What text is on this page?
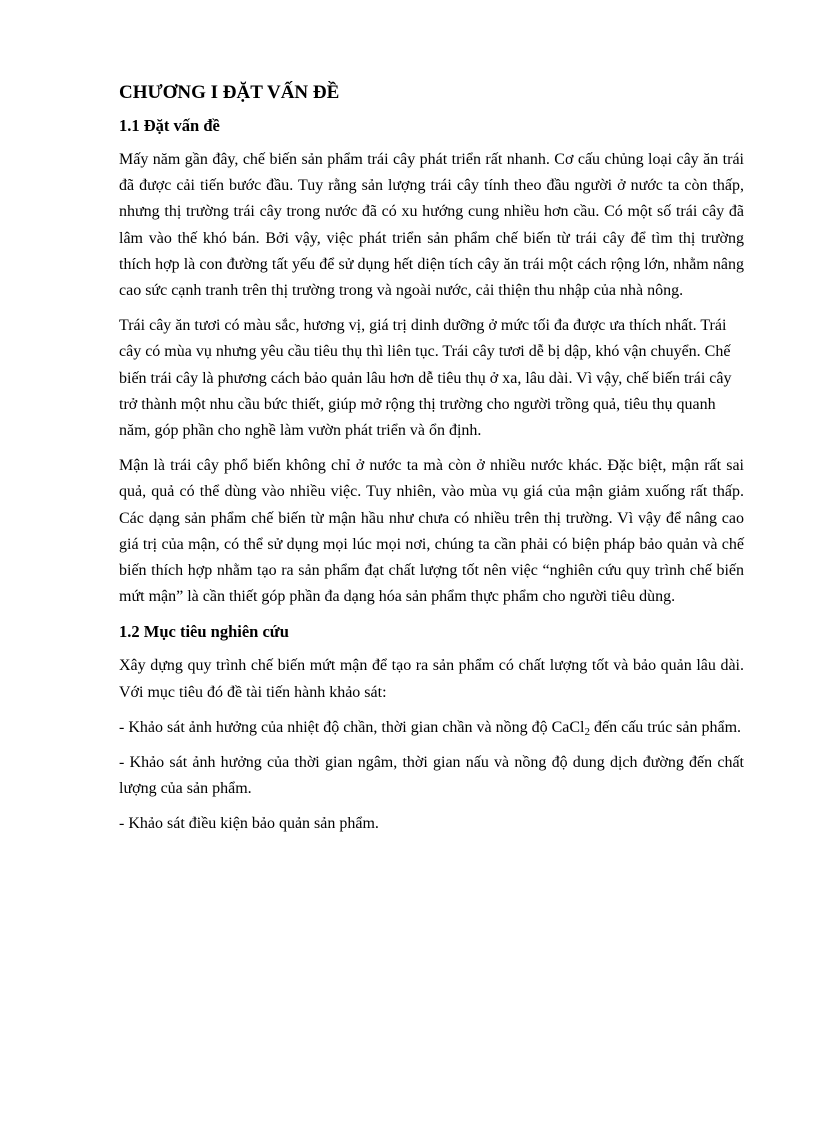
CHƯƠNG I ĐẶT VẤN ĐỀ
1.1 Đặt vấn đề

Mấy năm gần đây, chế biến sản phẩm trái cây phát triển rất nhanh. Cơ cấu chủng loại cây ăn trái đã được cải tiến bước đầu. Tuy rằng sản lượng trái cây tính theo đầu người ở nước ta còn thấp, nhưng thị trường trái cây trong nước đã có xu hướng cung nhiều hơn cầu. Có một số trái cây đã lâm vào thế khó bán. Bởi vậy, việc phát triển sản phẩm chế biến từ trái cây để tìm thị trường thích hợp là con đường tất yếu để sử dụng hết diện tích cây ăn trái một cách rộng lớn, nhằm nâng cao sức cạnh tranh trên thị trường trong và ngoài nước, cải thiện thu nhập của nhà nông.

Trái cây ăn tươi có màu sắc, hương vị, giá trị dinh dưỡng ở mức tối đa được ưa thích nhất. Trái cây có mùa vụ nhưng yêu cầu tiêu thụ thì liên tục. Trái cây tươi dễ bị dập, khó vận chuyển. Chế biến trái cây là phương cách bảo quản lâu hơn dễ tiêu thụ ở xa, lâu dài. Vì vậy, chế biến trái cây trở thành một nhu cầu bức thiết, giúp mở rộng thị trường cho người trồng quả, tiêu thụ quanh năm, góp phần cho nghề làm vườn phát triển và ổn định.

Mận là trái cây phổ biến không chỉ ở nước ta mà còn ở nhiều nước khác. Đặc biệt, mận rất sai quả, quả có thể dùng vào nhiều việc. Tuy nhiên, vào mùa vụ giá của mận giảm xuống rất thấp. Các dạng sản phẩm chế biến từ mận hầu như chưa có nhiều trên thị trường. Vì vậy để nâng cao giá trị của mận, có thể sử dụng mọi lúc mọi nơi, chúng ta cần phải có biện pháp bảo quản và chế biến thích hợp nhằm tạo ra sản phẩm đạt chất lượng tốt nên việc “nghiên cứu quy trình chế biến mứt mận” là cần thiết góp phần đa dạng hóa sản phẩm thực phẩm cho người tiêu dùng.

1.2 Mục tiêu nghiên cứu

Xây dựng quy trình chế biến mứt mận để tạo ra sản phẩm có chất lượng tốt và bảo quản lâu dài. Với mục tiêu đó đề tài tiến hành khảo sát:

- Khảo sát ảnh hưởng của nhiệt độ chần, thời gian chần và nồng độ CaCl$_2$ đến cấu trúc sản phẩm.

- Khảo sát ảnh hưởng của thời gian ngâm, thời gian nấu và nồng độ dung dịch đường đến chất lượng của sản phẩm.

- Khảo sát điều kiện bảo quản sản phẩm.
